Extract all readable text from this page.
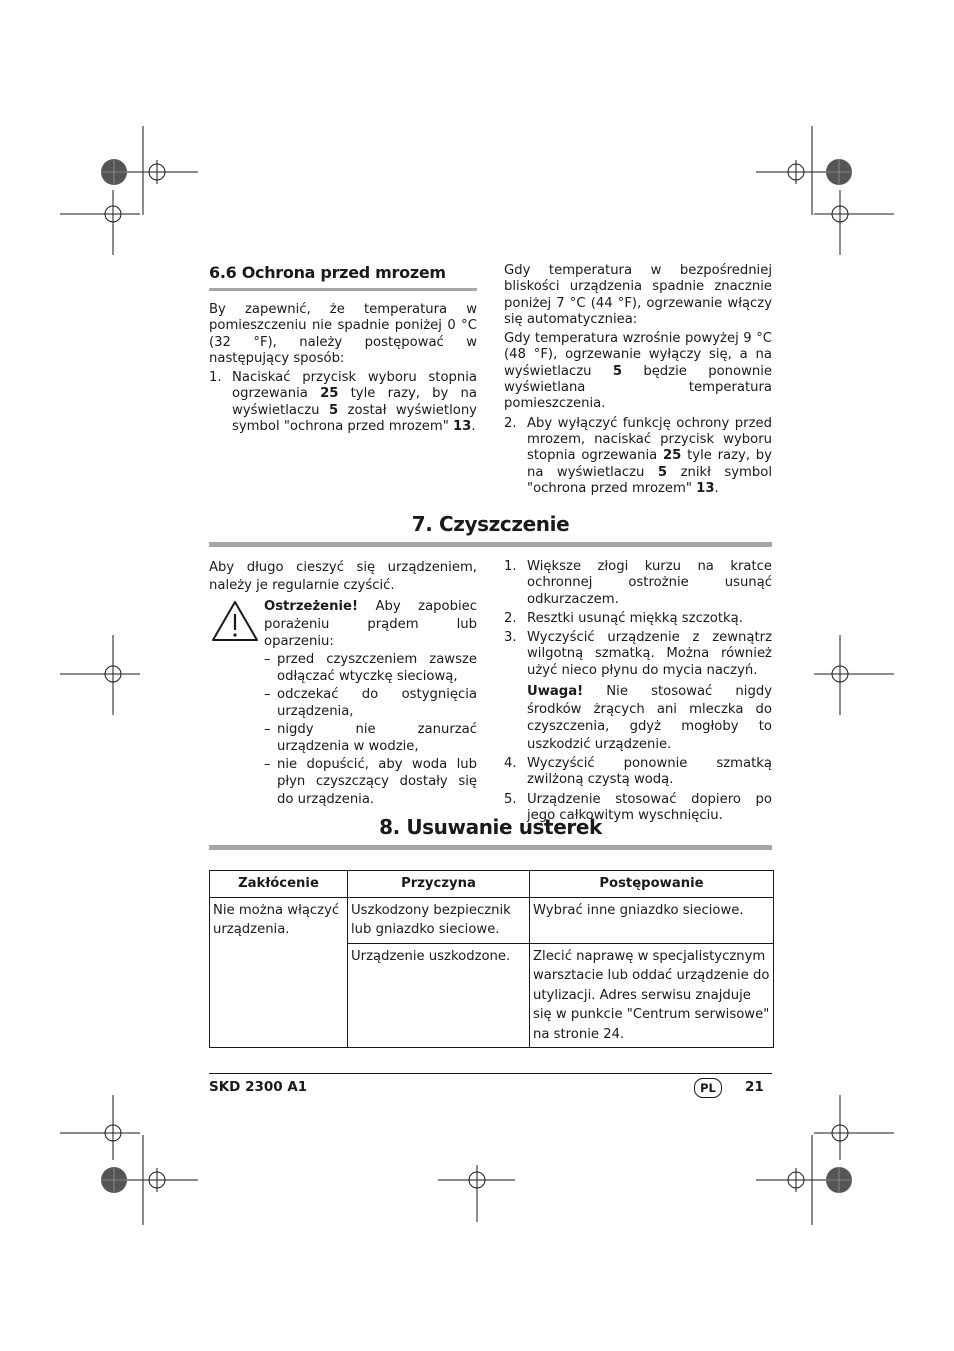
6.6 Ochrona przed mrozem

By zapewnić, że temperatura w pomieszczeniu nie spadnie poniżej 0 °C (32 °F), należy postępować w następujący sposób:

1. Naciskać przycisk wyboru stopnia ogrzewania 25 tyle razy, by na wyświetlaczu 5 został wyświetlony symbol "ochrona przed mrozem" 13.

Gdy temperatura w bezpośredniej bliskości urządzenia spadnie znacznie poniżej 7 °C (44 °F), ogrzewanie włączy się automatyczniea:

Gdy temperatura wzrośnie powyżej 9 °C (48 °F), ogrzewanie wyłączy się, a na wyświetlaczu 5 będzie ponownie wyświetlana temperatura pomieszczenia.

2. Aby wyłączyć funkcję ochrony przed mrozem, naciskać przycisk wyboru stopnia ogrzewania 25 tyle razy, by na wyświetlaczu 5 znikł symbol "ochrona przed mrozem" 13.
7. Czyszczenie

Aby długo cieszyć się urządzeniem, należy je regularnie czyścić.

Ostrzeżenie! Aby zapobiec porażeniu prądem lub oparzeniu:

– przed czyszczeniem zawsze odłączać wtyczkę sieciową,
– odczekać do ostygnięcia urządzenia,
– nigdy nie zanurzać urządzenia w wodzie,
– nie dopuścić, aby woda lub płyn czyszczący dostały się do urządzenia.
1. Większe złogi kurzu na kratce ochronnej ostrożnie usunąć odkurzaczem.
2. Resztki usunąć miękką szczotką.
3. Wyczyścić urządzenie z zewnątrz wilgotną szmatką. Można również użyć nieco płynu do mycia naczyń.

Uwaga! Nie stosować nigdy środków żrących ani mleczka do czyszczenia, gdyż mogłoby to uszkodzić urządzenie.

4. Wyczyścić ponownie szmatką zwilżoną czystą wodą.
5. Urządzenie stosować dopiero po jego całkowitym wyschnięciu.
8. Usuwanie usterek
Zakłócenie	Przyczyna	Postępowanie
Nie można włączyć urządzenia.	Uszkodzony bezpiecznik lub gniazdko sieciowe.	Wybrać inne gniazdko sieciowe.
	Urządzenie uszkodzone.	Zlecić naprawę w specjalistycznym warsztacie lub oddać urządzenie do utylizacji. Adres serwisu znajduje się w punkcie "Centrum serwisowe" na stronie 24.
SKD 2300 A1	PL	21
